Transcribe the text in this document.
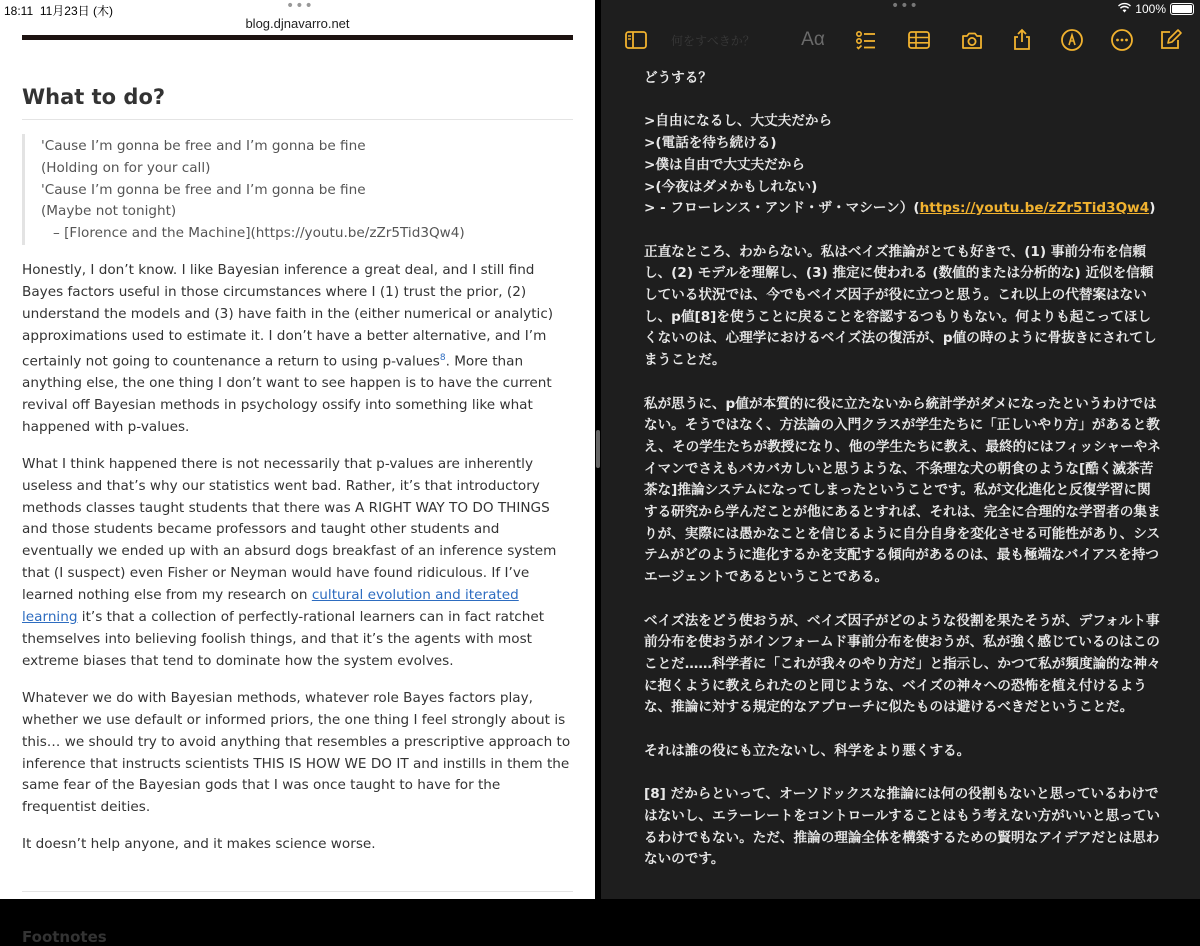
18:11 11月23日 (木)	•••
blog.djnavarro.net
What to do?
'Cause I’m gonna be free and I’m gonna be fine
(Holding on for your call)
'Cause I’m gonna be free and I’m gonna be fine
(Maybe not tonight)
– [Florence and the Machine](https://youtu.be/zZr5Tid3Qw4)
Honestly, I don’t know. I like Bayesian inference a great deal, and I still find Bayes factors useful in those circumstances where I (1) trust the prior, (2) understand the models and (3) have faith in the (either numerical or analytic) approximations used to estimate it. I don’t have a better alternative, and I’m certainly not going to countenance a return to using p-values$^8$. More than anything else, the one thing I don’t want to see happen is to have the current revival off Bayesian methods in psychology ossify into something like what happened with p-values.
What I think happened there is not necessarily that p-values are inherently useless and that’s why our statistics went bad. Rather, it’s that introductory methods classes taught students that there was A RIGHT WAY TO DO THINGS and those students became professors and taught other students and eventually we ended up with an absurd dogs breakfast of an inference system that (I suspect) even Fisher or Neyman would have found ridiculous. If I’ve learned nothing else from my research on cultural evolution and iterated learning it’s that a collection of perfectly-rational learners can in fact ratchet themselves into believing foolish things, and that it’s the agents with most extreme biases that tend to dominate how the system evolves.
Whatever we do with Bayesian methods, whatever role Bayes factors play, whether we use default or informed priors, the one thing I feel strongly about is this… we should try to avoid anything that resembles a prescriptive approach to inference that instructs scientists THIS IS HOW WE DO IT and instills in them the same fear of the Bayesian gods that I was once taught to have for the frequentist deities.
It doesn’t help anyone, and it makes science worse.
Footnotes
•••	100%
何をすべきか？ Aα

どうする？

>自由になるし、大丈夫だから
>(電話を待ち続ける)
>僕は自由で大丈夫だから
>(今夜はダメかもしれない)
> - フローレンス・アンド・ザ・マシーン）(https://youtu.be/zZr5Tid3Qw4)

正直なところ、わからない。私はベイズ推論がとても好きで、(1) 事前分布を信頼し、(2) モデルを理解し、(3) 推定に使われる (数値的または分析的な) 近似を信頼している状況では、今でもベイズ因子が役に立つと思う。これ以上の代替案はないし、p値[8]を使うことに戻ることを容認するつもりもない。何よりも起こってほしくないのは、心理学におけるベイズ法の復活が、p値の時のように骨抜きにされてしまうことだ。

私が思うに、p値が本質的に役に立たないから統計学がダメになったというわけではない。そうではなく、方法論の入門クラスが学生たちに「正しいやり方」があると教え、その学生たちが教授になり、他の学生たちに教え、最終的にはフィッシャーやネイマンでさえもバカバカしいと思うような、不条理な犬の朝食のような[酷く滅茶苦茶な]推論システムになってしまったということです。私が文化進化と反復学習に関する研究から学んだことが他にあるとすれば、それは、完全に合理的な学習者の集まりが、実際には愚かなことを信じるように自分自身を変化させる可能性があり、システムがどのように進化するかを支配する傾向があるのは、最も極端なバイアスを持つエージェントであるということである。

ベイズ法をどう使おうが、ベイズ因子がどのような役割を果たそうが、デフォルト事前分布を使おうがインフォームド事前分布を使おうが、私が強く感じているのはこのことだ……科学者に「これが我々のやり方だ」と指示し、かつて私が頻度論的な神々に抱くように教えられたのと同じような、ベイズの神々への恐怖を植え付けるような、推論に対する規定的なアプローチに似たものは避けるべきだということだ。

それは誰の役にも立たないし、科学をより悪くする。

[8] だからといって、オーソドックスな推論には何の役割もないと思っているわけではないし、エラーレートをコントロールすることはもう考えない方がいいと思っているわけでもない。ただ、推論の理論全体を構築するための賢明なアイデアだとは思わないのです。
